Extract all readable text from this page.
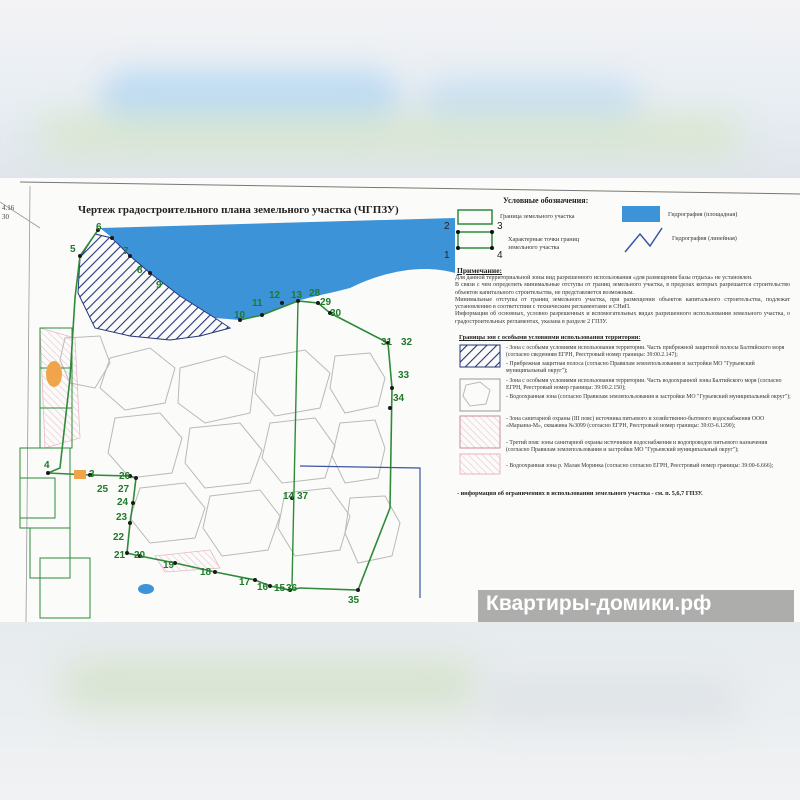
Чертеж градостроительного плана земельного участка (ЧГПЗУ)
4.16
30
6
5	7
8
9
10
11
12 13 28
29
30
31 32
33
34
4
3
25 27
26
24
23
22
21 20
19
18
17 16 15 36
14 37
35
Условные обозначения:
Граница земельного участка
Характерные точки границ земельного участка
Гидрография (площадная)
Гидрография (линейная)
2	3
1	4
Примечание:
Для данной территориальной зоны вид разрешенного использования «для размещения базы отдыха» не установлен.
В связи с чем определить минимальные отступы от границ земельного участка, в пределах которых разрешается строительство объектов капитального строительства, не представляется возможным.
Минимальные отступы от границ земельного участка, при размещении объектов капитального строительства, подлежат установлению в соответствии с техническим регламентами и СНиП.
Информация об основных, условно разрешенных и вспомогательных видах разрешенного использования земельного участка, о градостроительных регламентах, указана в разделе 2 ГПЗУ.
Границы зон с особыми условиями использования территории:
- Зона с особыми условиями использования территории. Часть прибрежной защитной полосы Балтийского моря (согласно сведениям ЕГРН, Реестровый номер границы: 39:00.2.147);
- Прибрежная защитная полоса (согласно Правилам землепользования и застройки МО "Гурьевский муниципальный округ");
- Зона с особыми условиями использования территории. Часть водоохранной зоны Балтийского моря (согласно ЕГРН, Реестровый номер границы: 39:00.2.150);
- Водоохранная зона (согласно Правилам землепользования и застройки МО "Гурьевский муниципальный округ");
- Зона санитарной охраны (III пояс) источника питьевого и хозяйственно-бытового водоснабжения ООО «Марьина-М», скважина №3099 (согласно ЕГРН, Реестровый номер границы: 39:03-6.1290);
- Третий пояс зоны санитарной охраны источников водоснабжения и водопроводов питьевого назначения (согласно Правилам землепользования и застройки МО "Гурьевский муниципальный округ");
- Водоохранная зона р. Малая Моринка (согласно согласно ЕГРН, Реестровый номер границы: 39:00-6.666);
- информация об ограничениях в использовании земельного участка - см. п. 5,6,7 ГПЗУ.
Квартиры-домики.рф
